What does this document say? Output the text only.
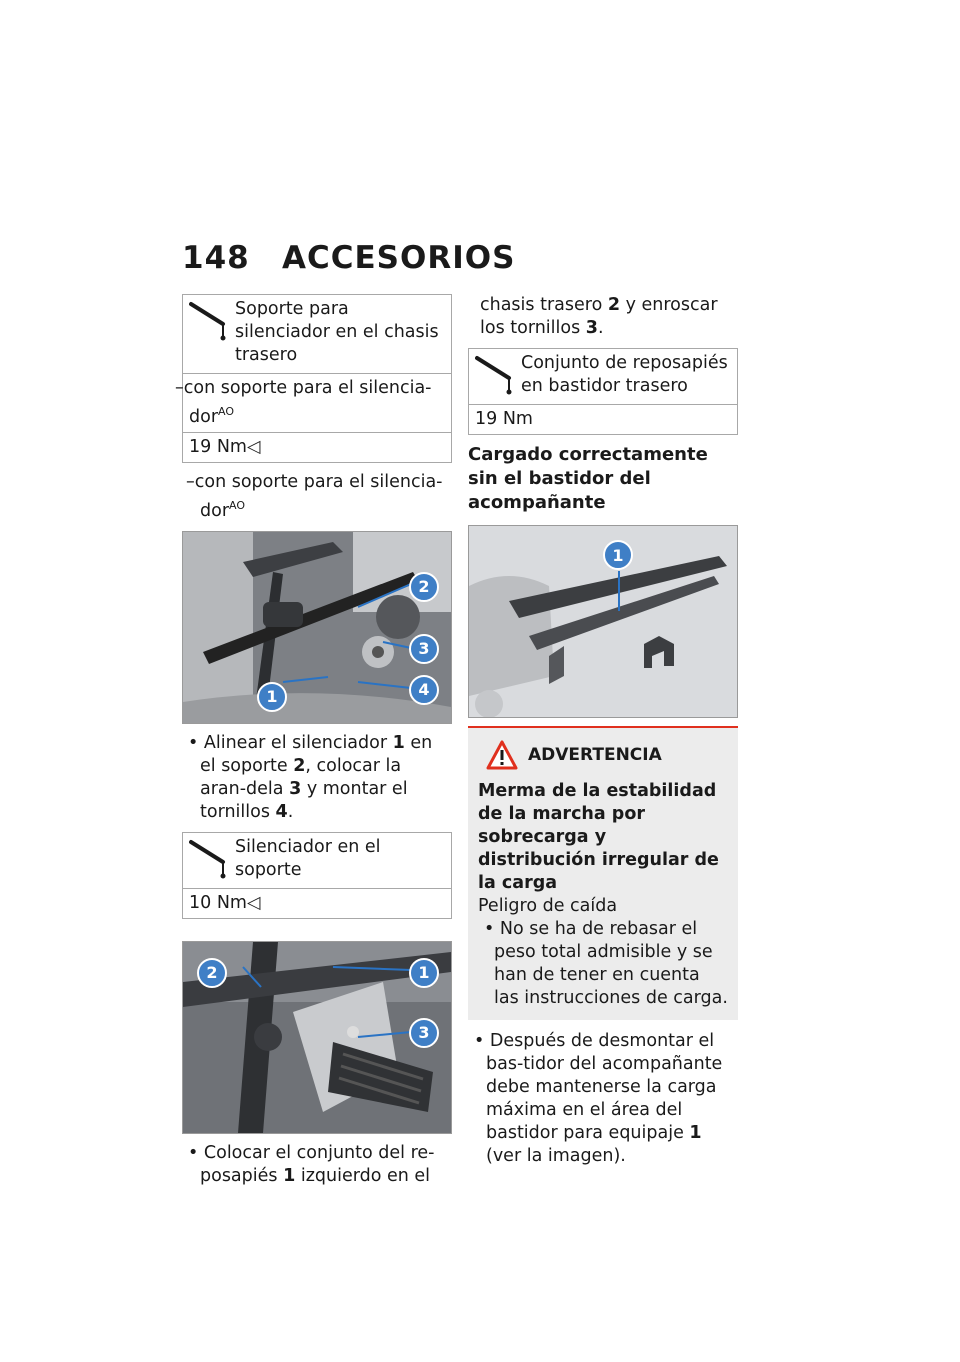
148 ACCESORIOS
Soporte para silenciador en el chasis trasero
–con soporte para el silencia-dor$^{AO}$
19 Nm◁
–con soporte para el silencia-dor$^{AO}$
2
3
1	4
• Alinear el silenciador 1 en el soporte 2, colocar la aran-dela 3 y montar el tornillos 4.
Silenciador en el soporte
10 Nm◁
2	1
3
• Colocar el conjunto del re-posapiés 1 izquierdo en el
chasis trasero 2 y enroscar los tornillos 3.
Conjunto de reposapiés en bastidor trasero
19 Nm
Cargado correctamente sin el bastidor del acompañante
1
ADVERTENCIA
Merma de la estabilidad de la marcha por sobrecarga y distribución irregular de la carga
Peligro de caída
• No se ha de rebasar el peso total admisible y se han de tener en cuenta las instrucciones de carga.
• Después de desmontar el bas-tidor del acompañante debe mantenerse la carga máxima en el área del bastidor para equipaje 1 (ver la imagen).
